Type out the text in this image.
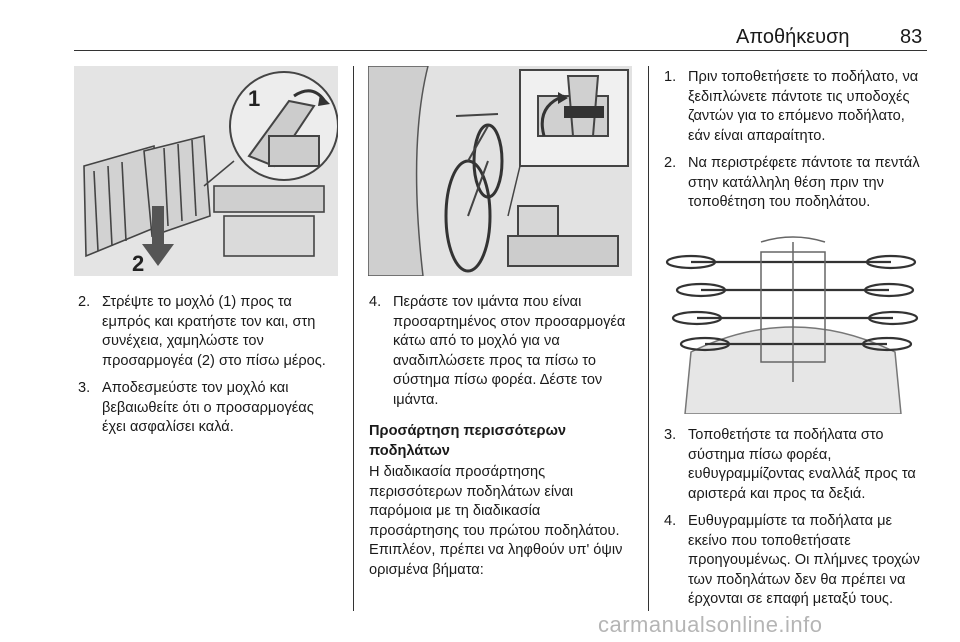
Αποθήκευση	83
2
1
2. Στρέψτε το μοχλό (1) προς τα εμπρός και κρατήστε τον και, στη συνέχεια, χαμηλώστε τον προσαρμογέα (2) στο πίσω μέρος.
3. Αποδεσμεύστε τον μοχλό και βεβαιωθείτε ότι ο προσαρμογέας έχει ασφαλίσει καλά.
4. Περάστε τον ιμάντα που είναι προσαρτημένος στον προσαρμογέα κάτω από το μοχλό για να αναδιπλώσετε προς τα πίσω το σύστημα πίσω φορέα. Δέστε τον ιμάντα.
Προσάρτηση περισσότερων ποδηλάτων
Η διαδικασία προσάρτησης περισσότερων ποδηλάτων είναι παρόμοια με τη διαδικασία προσάρτησης του πρώτου ποδηλάτου. Επιπλέον, πρέπει να ληφθούν υπ' όψιν ορισμένα βήματα:
1. Πριν τοποθετήσετε το ποδήλατο, να ξεδιπλώνετε πάντοτε τις υποδοχές ζαντών για το επόμενο ποδήλατο, εάν είναι απαραίτητο.
2. Να περιστρέφετε πάντοτε τα πεντάλ στην κατάλληλη θέση πριν την τοποθέτηση του ποδηλάτου.
3. Τοποθετήστε τα ποδήλατα στο σύστημα πίσω φορέα, ευθυγραμμίζοντας εναλλάξ προς τα αριστερά και προς τα δεξιά.
4. Ευθυγραμμίστε τα ποδήλατα με εκείνο που τοποθετήσατε προηγουμένως. Οι πλήμνες τροχών των ποδηλάτων δεν θα πρέπει να έρχονται σε επαφή μεταξύ τους.
carmanualsonline.info
